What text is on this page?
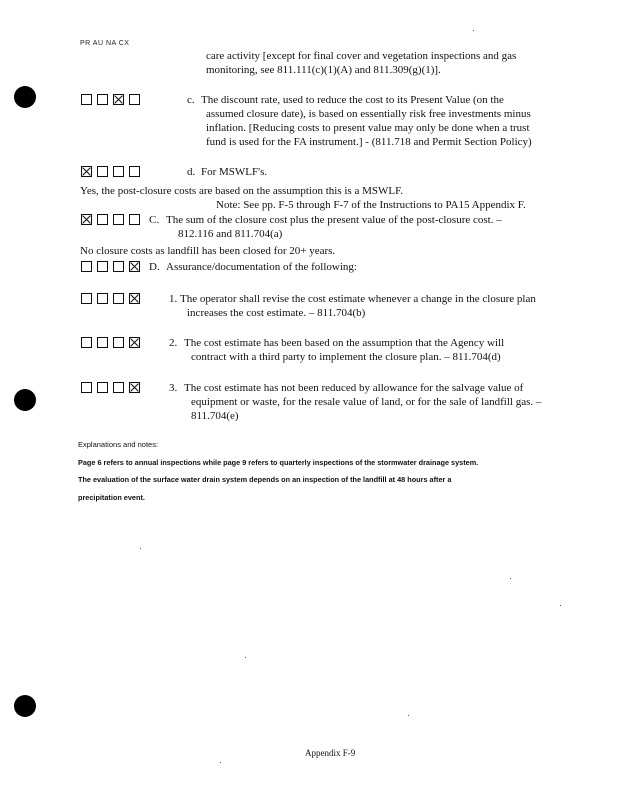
PR AU NA CX
care activity [except for final cover and vegetation inspections and gas
monitoring, see 811.111(c)(1)(A) and 811.309(g)(1)].
c. The discount rate, used to reduce the cost to its Present Value (on the
assumed closure date), is based on essentially risk free investments minus
inflation. [Reducing costs to present value may only be done when a trust
fund is used for the FA instrument.] - (811.718 and Permit Section Policy)
d. For MSWLF's.
Yes, the post-closure costs are based on the assumption this is a MSWLF.
Note: See pp. F-5 through F-7 of the Instructions to PA15 Appendix F.
C. The sum of the closure cost plus the present value of the post-closure cost. –
812.116 and 811.704(a)
No closure costs as landfill has been closed for 20+ years.
D. Assurance/documentation of the following:
1. The operator shall revise the cost estimate whenever a change in the closure plan
increases the cost estimate. – 811.704(b)
2. The cost estimate has been based on the assumption that the Agency will
contract with a third party to implement the closure plan. – 811.704(d)
3. The cost estimate has not been reduced by allowance for the salvage value of
equipment or waste, for the resale value of land, or for the sale of landfill gas. –
811.704(e)
Explanations and notes:
Page 6 refers to annual inspections while page 9 refers to quarterly inspections of the stormwater drainage system.
The evaluation of the surface water drain system depends on an inspection of the landfill at 48 hours after a
precipitation event.
Appendix F-9
